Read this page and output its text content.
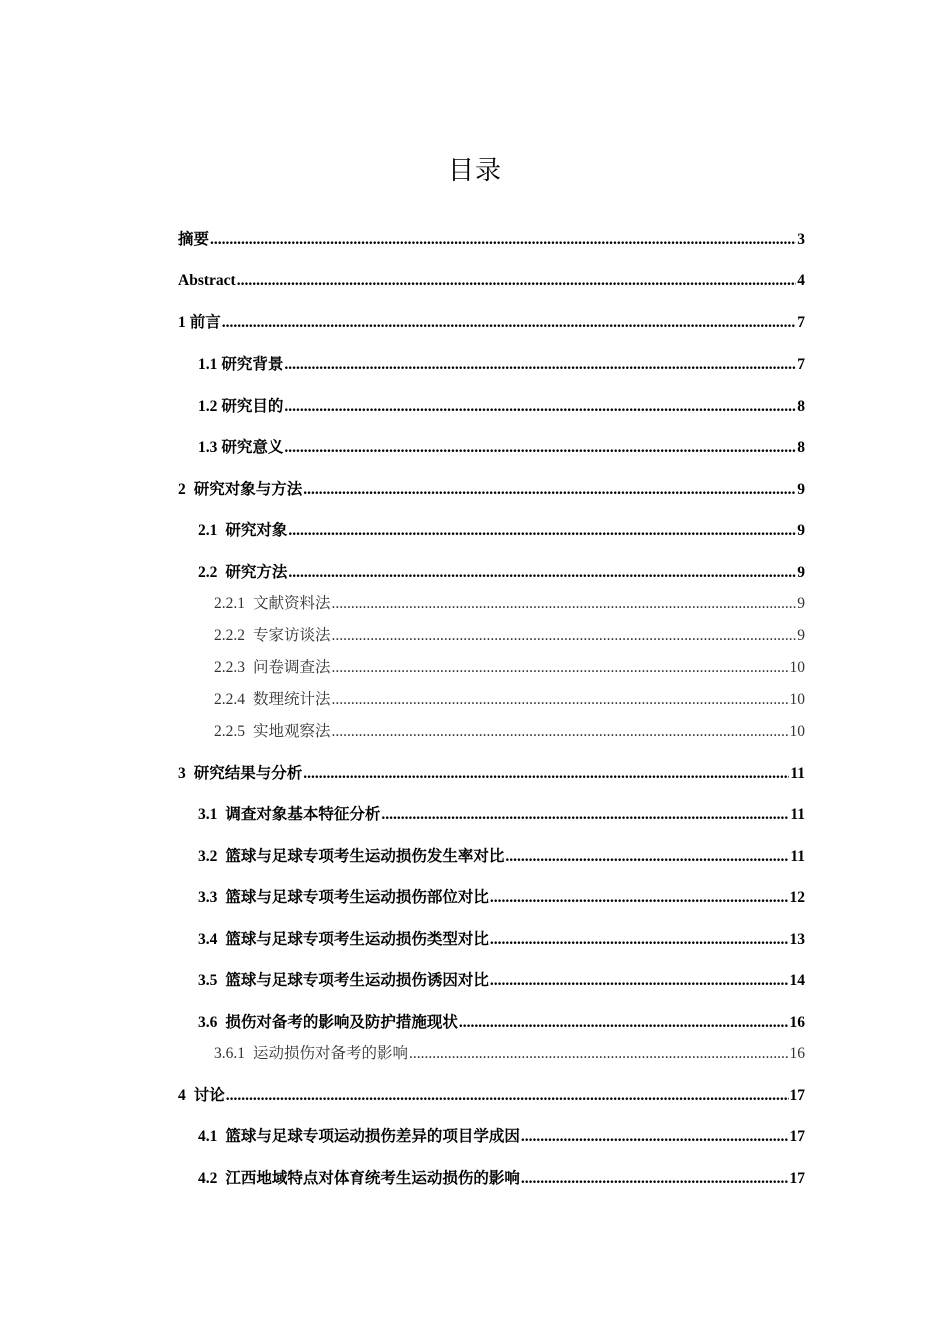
目录
摘要 .....	3
Abstract .....	4
1 前言 .....	7
1.1 研究背景 .....	7
1.2 研究目的 .....	8
1.3 研究意义 .....	8
2 研究对象与方法 .....	9
2.1 研究对象 .....	9
2.2 研究方法 .....	9
2.2.1 文献资料法 .....	9
2.2.2 专家访谈法 .....	9
2.2.3 问卷调查法 .....	10
2.2.4 数理统计法 .....	10
2.2.5 实地观察法 .....	10
3 研究结果与分析 .....	11
3.1 调查对象基本特征分析 .....	11
3.2 篮球与足球专项考生运动损伤发生率对比 .....	11
3.3 篮球与足球专项考生运动损伤部位对比 .....	12
3.4 篮球与足球专项考生运动损伤类型对比 .....	13
3.5 篮球与足球专项考生运动损伤诱因对比 .....	14
3.6 损伤对备考的影响及防护措施现状 .....	16
3.6.1 运动损伤对备考的影响 .....	16
4 讨论 .....	17
4.1 篮球与足球专项运动损伤差异的项目学成因 .....	17
4.2 江西地域特点对体育统考生运动损伤的影响 .....	17
